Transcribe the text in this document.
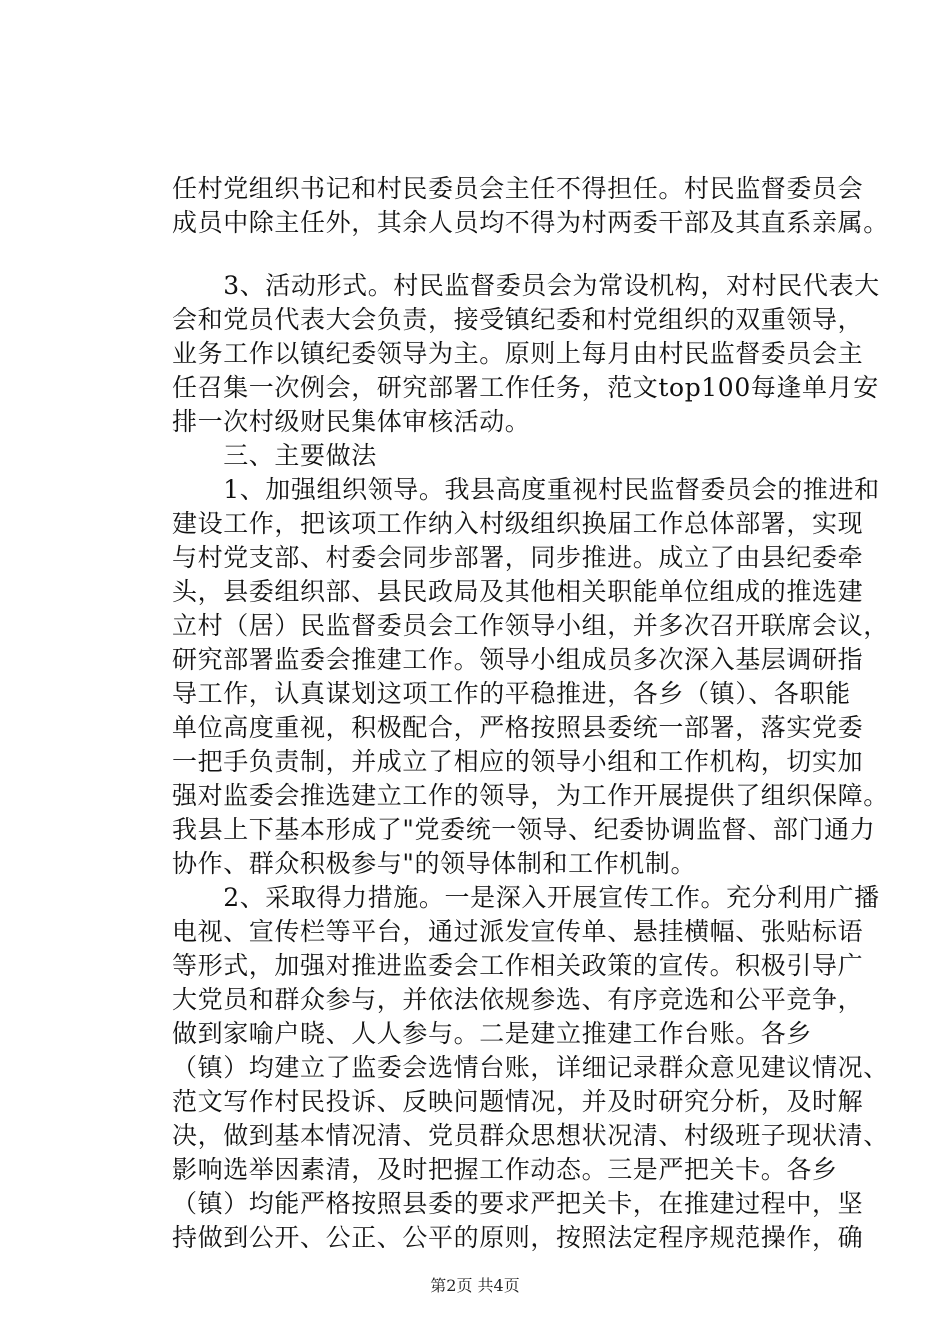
任村党组织书记和村民委员会主任不得担任。村民监督委员会
成员中除主任外，其余人员均不得为村两委干部及其直系亲属。
　　3、活动形式。村民监督委员会为常设机构，对村民代表大
会和党员代表大会负责，接受镇纪委和村党组织的双重领导，
业务工作以镇纪委领导为主。原则上每月由村民监督委员会主
任召集一次例会，研究部署工作任务，范文top100每逢单月安
排一次村级财民集体审核活动。
　　三、主要做法
　　1、加强组织领导。我县高度重视村民监督委员会的推进和
建设工作，把该项工作纳入村级组织换届工作总体部署，实现
与村党支部、村委会同步部署，同步推进。成立了由县纪委牵
头，县委组织部、县民政局及其他相关职能单位组成的推选建
立村（居）民监督委员会工作领导小组，并多次召开联席会议，
研究部署监委会推建工作。领导小组成员多次深入基层调研指
导工作，认真谋划这项工作的平稳推进，各乡（镇）、各职能
单位高度重视，积极配合，严格按照县委统一部署，落实党委
一把手负责制，并成立了相应的领导小组和工作机构，切实加
强对监委会推选建立工作的领导，为工作开展提供了组织保障。
我县上下基本形成了"党委统一领导、纪委协调监督、部门通力
协作、群众积极参与"的领导体制和工作机制。
　　2、采取得力措施。一是深入开展宣传工作。充分利用广播
电视、宣传栏等平台，通过派发宣传单、悬挂横幅、张贴标语
等形式，加强对推进监委会工作相关政策的宣传。积极引导广
大党员和群众参与，并依法依规参选、有序竞选和公平竞争，
做到家喻户晓、人人参与。二是建立推建工作台账。各乡
（镇）均建立了监委会选情台账，详细记录群众意见建议情况、
范文写作村民投诉、反映问题情况，并及时研究分析，及时解
决，做到基本情况清、党员群众思想状况清、村级班子现状清、
影响选举因素清，及时把握工作动态。三是严把关卡。各乡
（镇）均能严格按照县委的要求严把关卡，在推建过程中，坚
持做到公开、公正、公平的原则，按照法定程序规范操作，确
第2页 共4页
